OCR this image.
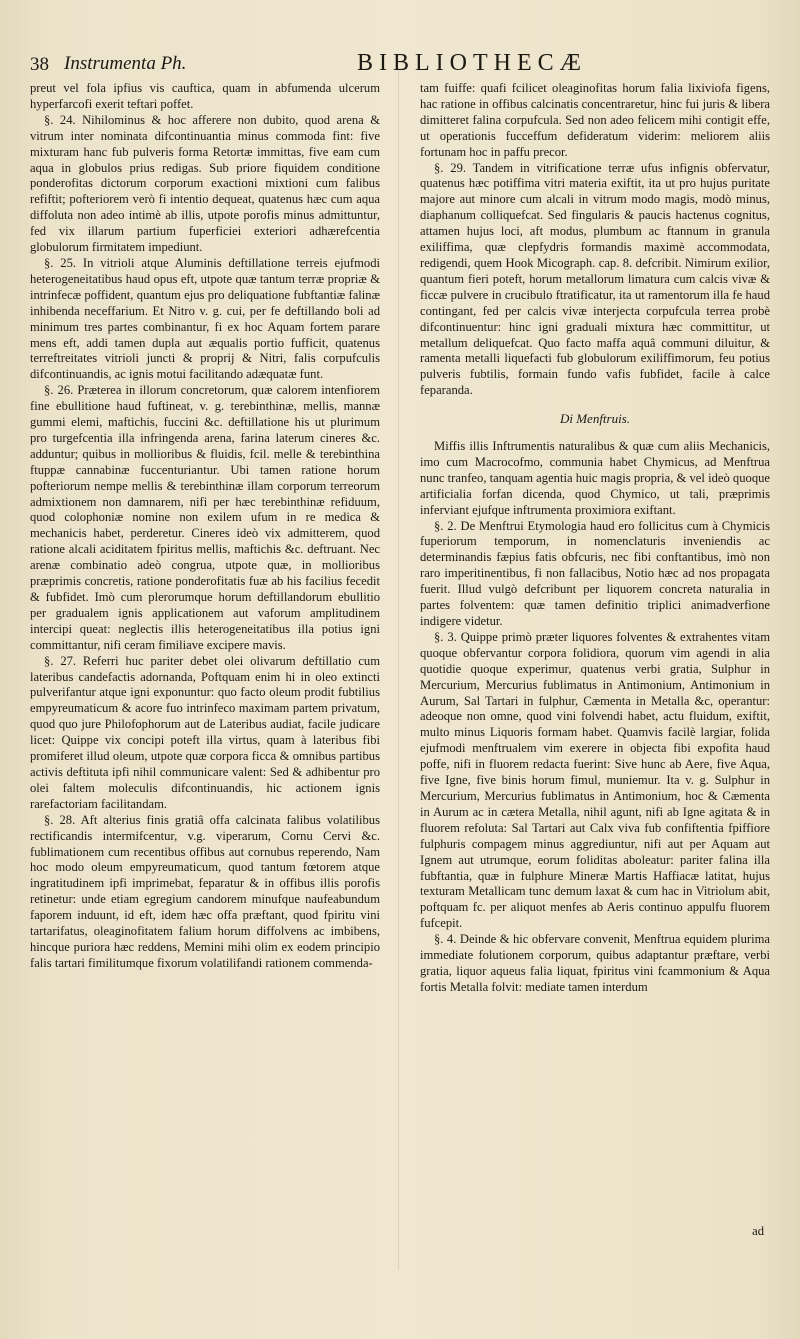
38 Instrumenta Ph.	BIBLIOTHECÆ

preut vel fola ipfius vis cauftica, quam in abfumenda ulcerum hyperfarcofi exerit teftari poffet.

§. 24. Nihilominus & hoc afferere non dubito, quod arena & vitrum inter nominata difcontinuantia minus commoda fint: five mixturam hanc fub pulveris forma Retortæ immittas, five eam cum aqua in globulos prius redigas. Sub priore fiquidem conditione ponderofitas dictorum corporum exactioni mixtioni cum falibus refiftit; pofteriorem verò fi intentio dequeat, quatenus hæc cum aqua diffoluta non adeo intimè ab illis, utpote porofis minus admittuntur, fed vix illarum partium fuperficiei exteriori adhærefcentia globulorum firmitatem impediunt.

§. 25. In vitrioli atque Aluminis deftillatione terreis ejufmodi heterogeneitatibus haud opus eft, utpote quæ tantum terræ propriæ & intrinfecæ poffident, quantum ejus pro deliquatione fubftantiæ falinæ inhibenda neceffarium. Et Nitro v. g. cui, per fe deftillando boli ad minimum tres partes combinantur, fi ex hoc Aquam fortem parare mens eft, addi tamen dupla aut æqualis portio fufficit, quatenus terreftreitates vitrioli juncti & proprij & Nitri, falis corpufculis difcontinuandis, ac ignis motui facilitando adæquatæ funt.

§. 26. Præterea in illorum concretorum, quæ calorem intenfiorem fine ebullitione haud fuftineat, v. g. terebinthinæ, mellis, mannæ gummi elemi, maftichis, fuccini &c. deftillatione his ut plurimum pro turgefcentia illa infringenda arena, farina laterum cineres &c. adduntur; quibus in mollioribus & fluidis, fcil. melle & terebinthina ftuppæ cannabinæ fuccenturiantur. Ubi tamen ratione horum pofteriorum nempe mellis & terebinthinæ illam corporum terreorum admixtionem non damnarem, nifi per hæc terebinthinæ refiduum, quod colophoniæ nomine non exilem ufum in re medica & mechanicis habet, perderetur. Cineres ideò vix admitterem, quod ratione alcali aciditatem fpiritus mellis, maftichis &c. deftruant. Nec arenæ combinatio adeò congrua, utpote quæ, in mollioribus præprimis concretis, ratione ponderofitatis fuæ ab his facilius fecedit & fubfidet. Imò cum plerorumque horum deftillandorum ebullitio per gradualem ignis applicationem aut vaforum amplitudinem intercipi queat: neglectis illis heterogeneitatibus illa potius igni committantur, nifi ceram fimiliave excipere mavis.

§. 27. Referri huc pariter debet olei olivarum deftillatio cum lateribus candefactis adornanda, Poftquam enim hi in oleo extincti pulverifantur atque igni exponuntur: quo facto oleum prodit fubtilius empyreumaticum & acore fuo intrinfeco maximam partem privatum, quod quo jure Philofophorum aut de Lateribus audiat, facile judicare licet: Quippe vix concipi poteft illa virtus, quam à lateribus fibi promiferet illud oleum, utpote quæ corpora ficca & omnibus partibus activis deftituta ipfi nihil communicare valent: Sed & adhibentur pro olei faltem moleculis difcontinuandis, hic actionem ignis rarefactoriam facilitandam.

§. 28. Aft alterius finis gratiâ offa calcinata falibus volatilibus rectificandis intermifcentur, v.g. viperarum, Cornu Cervi &c. fublimationem cum recentibus offibus aut cornubus reperendo, Nam hoc modo oleum empyreumaticum, quod tantum fœtorem atque ingratitudinem ipfi imprimebat, feparatur & in offibus illis porofis retinetur: unde etiam egregium candorem minufque naufeabundum faporem induunt, id eft, idem hæc offa præftant, quod fpiritu vini tartarifatus, oleaginofitatem falium horum diffolvens ac imbibens, hincque puriora hæc reddens, Memini mihi olim ex eodem principio falis tartari fimilitumque fixorum volatilifandi rationem commenda-

tam fuiffe: quafi fcilicet oleaginofitas horum falia lixiviofa figens, hac ratione in offibus calcinatis concentraretur, hinc fui juris & libera dimitteret falina corpufcula. Sed non adeo felicem mihi contigit effe, ut operationis fucceffum defideratum viderim: meliorem aliis fortunam hoc in paffu precor.

§. 29. Tandem in vitrificatione terræ ufus infignis obfervatur, quatenus hæc potiffima vitri materia exiftit, ita ut pro hujus puritate majore aut minore cum alcali in vitrum modo magis, modò minus, diaphanum colliquefcat. Sed fingularis & paucis hactenus cognitus, attamen hujus loci, aft modus, plumbum ac ftannum in granula exiliffima, quæ clepfydris formandis maximè accommodata, redigendi, quem Hook Micograph. cap. 8. defcribit. Nimirum exilior, quantum fieri poteft, horum metallorum limatura cum calcis vivæ & ficcæ pulvere in crucibulo ftratificatur, ita ut ramentorum illa fe haud contingant, fed per calcis vivæ interjecta corpufcula terrea probè difcontinuentur: hinc igni graduali mixtura hæc committitur, ut metallum deliquefcat. Quo facto maffa aquâ communi diluitur, & ramenta metalli liquefacti fub globulorum exiliffimorum, feu potius pulveris fubtilis, formain fundo vafis fubfidet, facile à calce feparanda.

Di Menftruis.

Miffis illis Inftrumentis naturalibus & quæ cum aliis Mechanicis, imo cum Macrocofmo, communia habet Chymicus, ad Menftrua nunc tranfeo, tanquam agentia huic magis propria, & vel ideò quoque artificialia forfan dicenda, quod Chymico, ut tali, præprimis inferviant ejufque inftrumenta proximiora exiftant.

§. 2. De Menftrui Etymologia haud ero follicitus cum à Chymicis fuperiorum temporum, in nomenclaturis inveniendis ac determinandis fæpius fatis obfcuris, nec fibi conftantibus, imò non raro imperitinentibus, fi non fallacibus, Notio hæc ad nos propagata fuerit. Illud vulgò defcribunt per liquorem concreta naturalia in partes folventem: quæ tamen definitio triplici animadverfione indigere videtur.

§. 3. Quippe primò præter liquores folventes & extrahentes vitam quoque obfervantur corpora folidiora, quorum vim agendi in alia quotidie quoque experimur, quatenus verbi gratia, Sulphur in Mercurium, Mercurius fublimatus in Antimonium, Antimonium in Aurum, Sal Tartari in fulphur, Cæmenta in Metalla &c, operantur: adeoque non omne, quod vini folvendi habet, actu fluidum, exiftit, multo minus Liquoris formam habet. Quamvis facilè largiar, folida ejufmodi menftrualem vim exerere in objecta fibi expofita haud poffe, nifi in fluorem redacta fuerint: Sive hunc ab Aere, five Aqua, five Igne, five binis horum fimul, muniemur. Ita v. g. Sulphur in Mercurium, Mercurius fublimatus in Antimonium, hoc & Cæmenta in Aurum ac in cætera Metalla, nihil agunt, nifi ab Igne agitata & in fluorem refoluta: Sal Tartari aut Calx viva fub confiftentia fpiffiore fulphuris compagem minus aggrediuntur, nifi aut per Aquam aut Ignem aut utrumque, eorum foliditas aboleatur: pariter falina illa fubftantia, quæ in fulphure Mineræ Martis Haffiacæ latitat, hujus texturam Metallicam tunc demum laxat & cum hac in Vitriolum abit, poftquam fc. per aliquot menfes ab Aeris continuo appulfu fluorem fufcepit.

§. 4. Deinde & hic obfervare convenit, Menftrua equidem plurima immediate folutionem corporum, quibus adaptantur præftare, verbi gratia, liquor aqueus falia liquat, fpiritus vini fcammonium & Aqua fortis Metalla folvit: mediate tamen interdum

ad
